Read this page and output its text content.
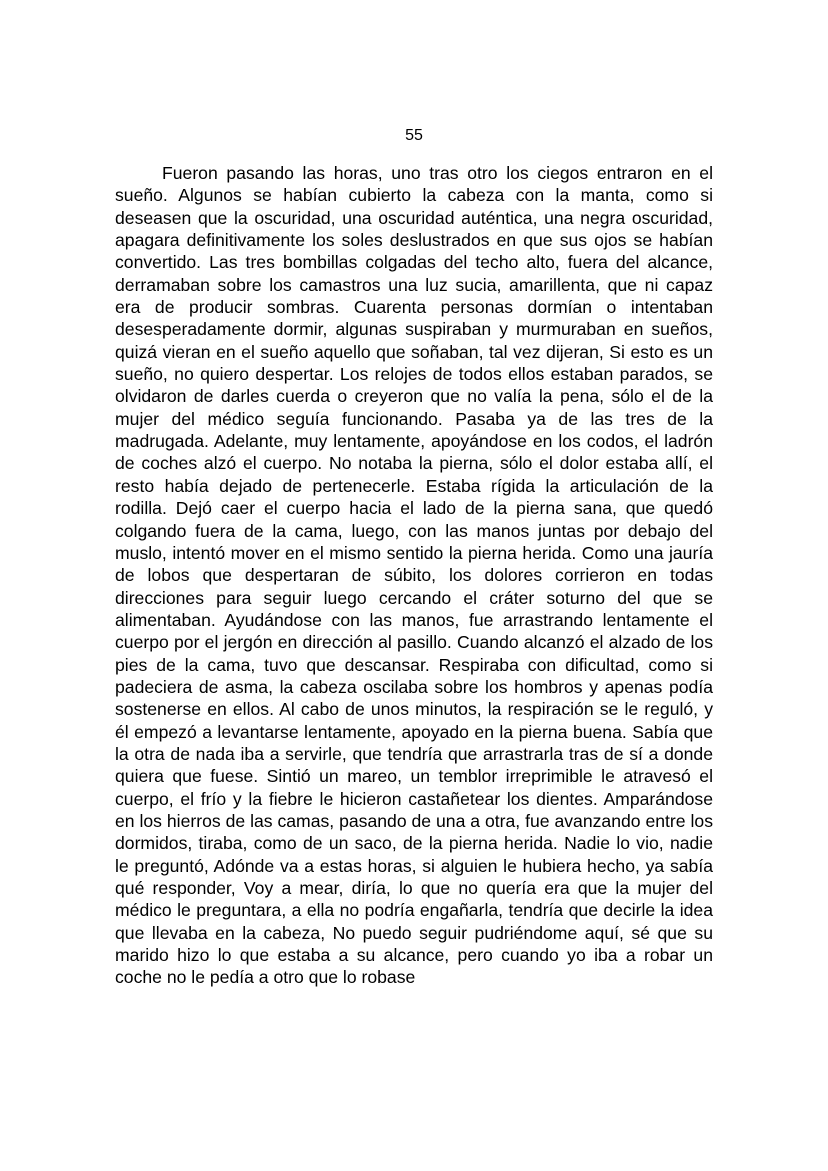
55

Fueron pasando las horas, uno tras otro los ciegos entraron en el sueño. Algunos se habían cubierto la cabeza con la manta, como si deseasen que la oscuridad, una oscuridad auténtica, una negra oscuridad, apagara definitivamente los soles deslustrados en que sus ojos se habían convertido. Las tres bombillas colgadas del techo alto, fuera del alcance, derramaban sobre los camastros una luz sucia, amarillenta, que ni capaz era de producir sombras. Cuarenta personas dormían o intentaban desesperadamente dormir, algunas suspiraban y murmuraban en sueños, quizá vieran en el sueño aquello que soñaban, tal vez dijeran, Si esto es un sueño, no quiero despertar. Los relojes de todos ellos estaban parados, se olvidaron de darles cuerda o creyeron que no valía la pena, sólo el de la mujer del médico seguía funcionando. Pasaba ya de las tres de la madrugada. Adelante, muy lentamente, apoyándose en los codos, el ladrón de coches alzó el cuerpo. No notaba la pierna, sólo el dolor estaba allí, el resto había dejado de pertenecerle. Estaba rígida la articulación de la rodilla. Dejó caer el cuerpo hacia el lado de la pierna sana, que quedó colgando fuera de la cama, luego, con las manos juntas por debajo del muslo, intentó mover en el mismo sentido la pierna herida. Como una jauría de lobos que despertaran de súbito, los dolores corrieron en todas direcciones para seguir luego cercando el cráter soturno del que se alimentaban. Ayudándose con las manos, fue arrastrando lentamente el cuerpo por el jergón en dirección al pasillo. Cuando alcanzó el alzado de los pies de la cama, tuvo que descansar. Respiraba con dificultad, como si padeciera de asma, la cabeza oscilaba sobre los hombros y apenas podía sostenerse en ellos. Al cabo de unos minutos, la respiración se le reguló, y él empezó a levantarse lentamente, apoyado en la pierna buena. Sabía que la otra de nada iba a servirle, que tendría que arrastrarla tras de sí a donde quiera que fuese. Sintió un mareo, un temblor irreprimible le atravesó el cuerpo, el frío y la fiebre le hicieron castañetear los dientes. Amparándose en los hierros de las camas, pasando de una a otra, fue avanzando entre los dormidos, tiraba, como de un saco, de la pierna herida. Nadie lo vio, nadie le preguntó, Adónde va a estas horas, si alguien le hubiera hecho, ya sabía qué responder, Voy a mear, diría, lo que no quería era que la mujer del médico le preguntara, a ella no podría engañarla, tendría que decirle la idea que llevaba en la cabeza, No puedo seguir pudriéndome aquí, sé que su marido hizo lo que estaba a su alcance, pero cuando yo iba a robar un coche no le pedía a otro que lo robase
